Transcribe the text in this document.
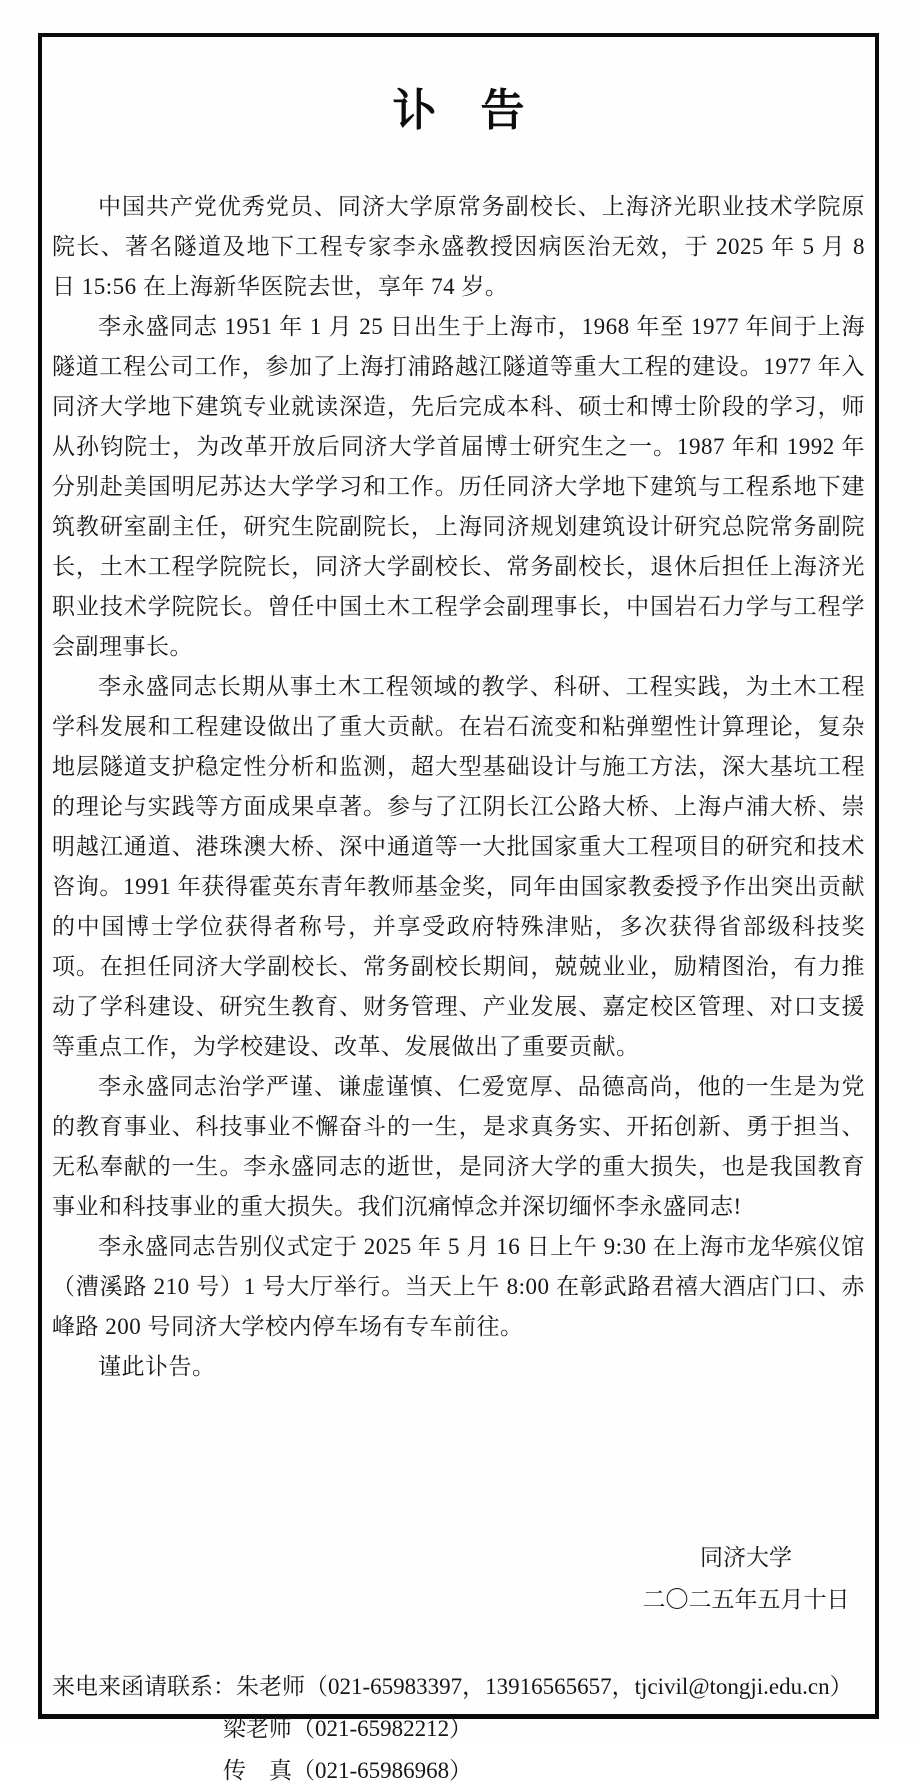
讣　告

中国共产党优秀党员、同济大学原常务副校长、上海济光职业技术学院原院长、著名隧道及地下工程专家李永盛教授因病医治无效，于 2025 年 5 月 8 日 15:56 在上海新华医院去世，享年 74 岁。

李永盛同志 1951 年 1 月 25 日出生于上海市，1968 年至 1977 年间于上海隧道工程公司工作，参加了上海打浦路越江隧道等重大工程的建设。1977 年入同济大学地下建筑专业就读深造，先后完成本科、硕士和博士阶段的学习，师从孙钧院士，为改革开放后同济大学首届博士研究生之一。1987 年和 1992 年分别赴美国明尼苏达大学学习和工作。历任同济大学地下建筑与工程系地下建筑教研室副主任，研究生院副院长，上海同济规划建筑设计研究总院常务副院长，土木工程学院院长，同济大学副校长、常务副校长，退休后担任上海济光职业技术学院院长。曾任中国土木工程学会副理事长，中国岩石力学与工程学会副理事长。

李永盛同志长期从事土木工程领域的教学、科研、工程实践，为土木工程学科发展和工程建设做出了重大贡献。在岩石流变和粘弹塑性计算理论，复杂地层隧道支护稳定性分析和监测，超大型基础设计与施工方法，深大基坑工程的理论与实践等方面成果卓著。参与了江阴长江公路大桥、上海卢浦大桥、崇明越江通道、港珠澳大桥、深中通道等一大批国家重大工程项目的研究和技术咨询。1991 年获得霍英东青年教师基金奖，同年由国家教委授予作出突出贡献的中国博士学位获得者称号，并享受政府特殊津贴，多次获得省部级科技奖项。在担任同济大学副校长、常务副校长期间，兢兢业业，励精图治，有力推动了学科建设、研究生教育、财务管理、产业发展、嘉定校区管理、对口支援等重点工作，为学校建设、改革、发展做出了重要贡献。

李永盛同志治学严谨、谦虚谨慎、仁爱宽厚、品德高尚，他的一生是为党的教育事业、科技事业不懈奋斗的一生，是求真务实、开拓创新、勇于担当、无私奉献的一生。李永盛同志的逝世，是同济大学的重大损失，也是我国教育事业和科技事业的重大损失。我们沉痛悼念并深切缅怀李永盛同志!

李永盛同志告别仪式定于 2025 年 5 月 16 日上午 9:30 在上海市龙华殡仪馆（漕溪路 210 号）1 号大厅举行。当天上午 8:00 在彰武路君禧大酒店门口、赤峰路 200 号同济大学校内停车场有专车前往。

谨此讣告。

同济大学
二〇二五年五月十日
来电来函请联系：朱老师（021-65983397，13916565657，tjcivil@tongji.edu.cn）
梁老师（021-65982212）
传　真（021-65986968）
